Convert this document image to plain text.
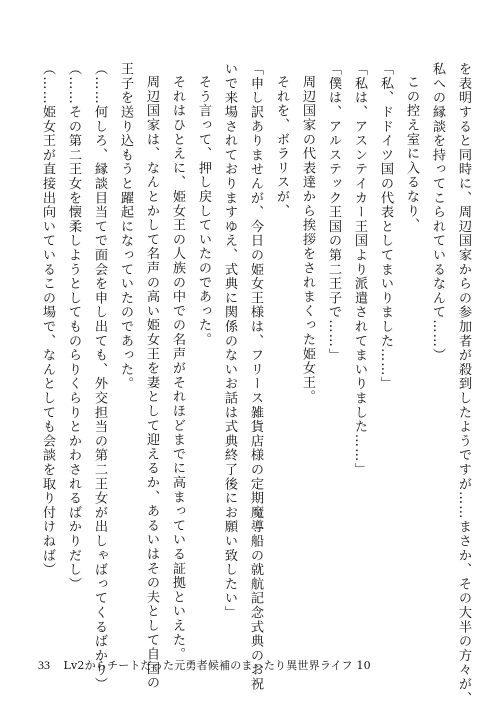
を表明すると同時に、周辺国家からの参加者が殺到したようですが……まさか、その大半の方々が、
私への縁談を持ってこられているなんて……）
この控え室に入るなり、
「私、ドドイツ国の代表としてまいりました……」
「私は、アスンテイカー王国より派遣されてまいりました……」
「僕は、アルステック王国の第二王子で……」
周辺国家の代表達から挨拶をされまくった姫女王。
それを、ボラリスが、
「申し訳ありませんが、今日の姫女王様は、フリース雑貨店様の定期魔導船の就航記念式典のお祝
いで来場されておりますゆえ、式典に関係のないお話は式典終了後にお願い致したい」
そう言って、押し戻していたのであった。
それはひとえに、姫女王の人族の中での名声がそれほどまでに高まっている証拠といえた。
周辺国家は、なんとかして名声の高い姫女王を妻として迎えるか、あるいはその夫として自国の
王子を送り込もうと躍起になっていたのであった。
（……何しろ、縁談目当てで面会を申し出ても、外交担当の第二王女が出しゃばってくるばかり）
（……その第二王女を懐柔しようとしてものらりくらりとかわされるばかりだし）
（……姫女王が直接出向いているこの場で、なんとしても会談を取り付けねば）
33 Lv2からチートだった元勇者候補のまったり異世界ライフ 10
